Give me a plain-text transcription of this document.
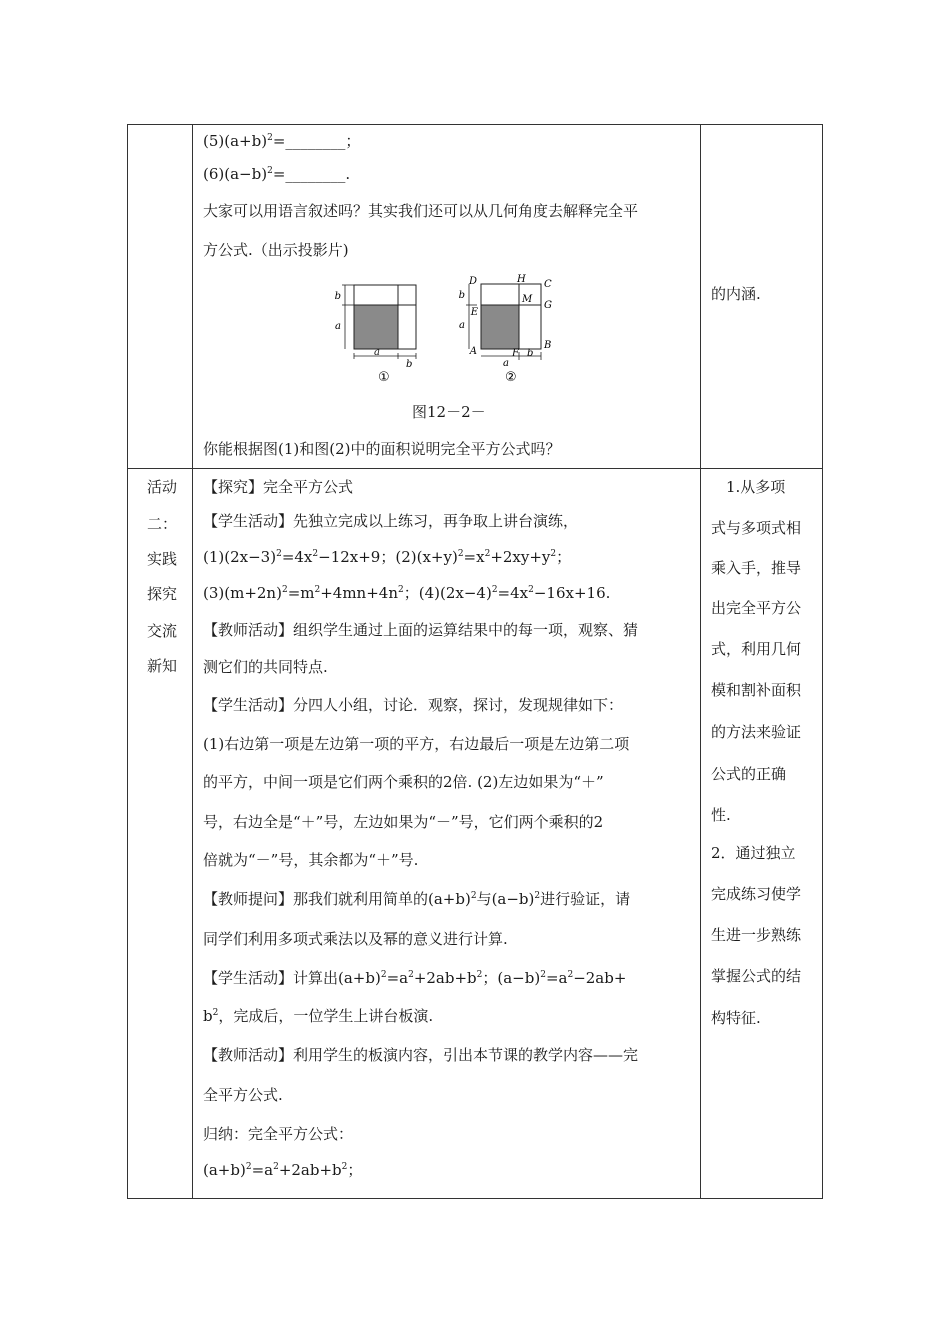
$(5)(a+b)^2=\_\_\_\_\_\_\_\_$；
$(6)(a-b)^2=\_\_\_\_\_\_\_\_$.
大家可以用语言叙述吗？其实我们还可以从几何角度去解释完全平
方公式.（出示投影片)
b
a
a
b
①
D	H C
M
G
E
A	F
B
b
a
a
b
②
图12－2－
你能根据图(1)和图(2)中的面积说明完全平方公式吗？
的内涵.
活动
二：
实践
探究
交流
新知
【探究】完全平方公式
【学生活动】先独立完成以上练习，再争取上讲台演练，
$(1)(2x-3)^2=4x^2-12x+9$；$(2)(x+y)^2=x^2+2xy+y^2$；
$(3)(m+2n)^2=m^2+4mn+4n^2$；$(4)(2x-4)^2=4x^2-16x+16$.
【教师活动】组织学生通过上面的运算结果中的每一项，观察、猜
测它们的共同特点.
【学生活动】分四人小组，讨论．观察，探讨，发现规律如下：
(1)右边第一项是左边第一项的平方，右边最后一项是左边第二项
的平方，中间一项是它们两个乘积的2倍. (2)左边如果为“＋”
号，右边全是“＋”号，左边如果为“－”号，它们两个乘积的2
倍就为“－”号，其余都为“＋”号.
【教师提问】那我们就利用简单的$(a+b)^2$与$(a-b)^2$进行验证，请
同学们利用多项式乘法以及幂的意义进行计算.
【学生活动】计算出$(a+b)^2=a^2+2ab+b^2$；$(a-b)^2=a^2-2ab+$
$b^2$，完成后，一位学生上讲台板演.
【教师活动】利用学生的板演内容，引出本节课的教学内容——完
全平方公式.
归纳：完全平方公式：
$(a+b)^2=a^2+2ab+b^2$；
　1.从多项
式与多项式相
乘入手，推导
出完全平方公
式，利用几何
模和割补面积
的方法来验证
公式的正确
性.
2．通过独立
完成练习使学
生进一步熟练
掌握公式的结
构特征.
